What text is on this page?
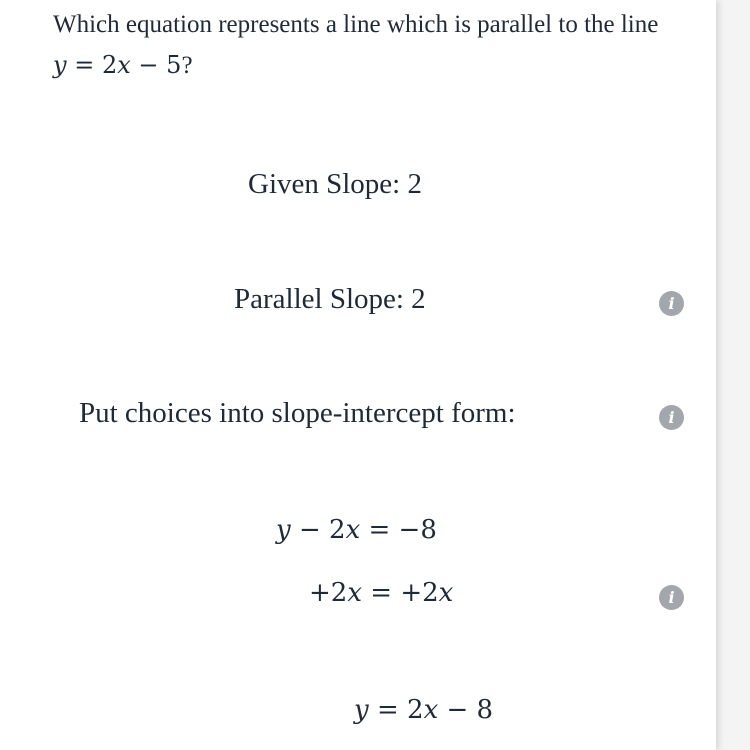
Which equation represents a line which is parallel to the line y = 2x − 5?
Given Slope: 2
Parallel Slope: 2	i
Put choices into slope-intercept form:	i
y − 2x = −8
+2x = +2x	i
y = 2x − 8
